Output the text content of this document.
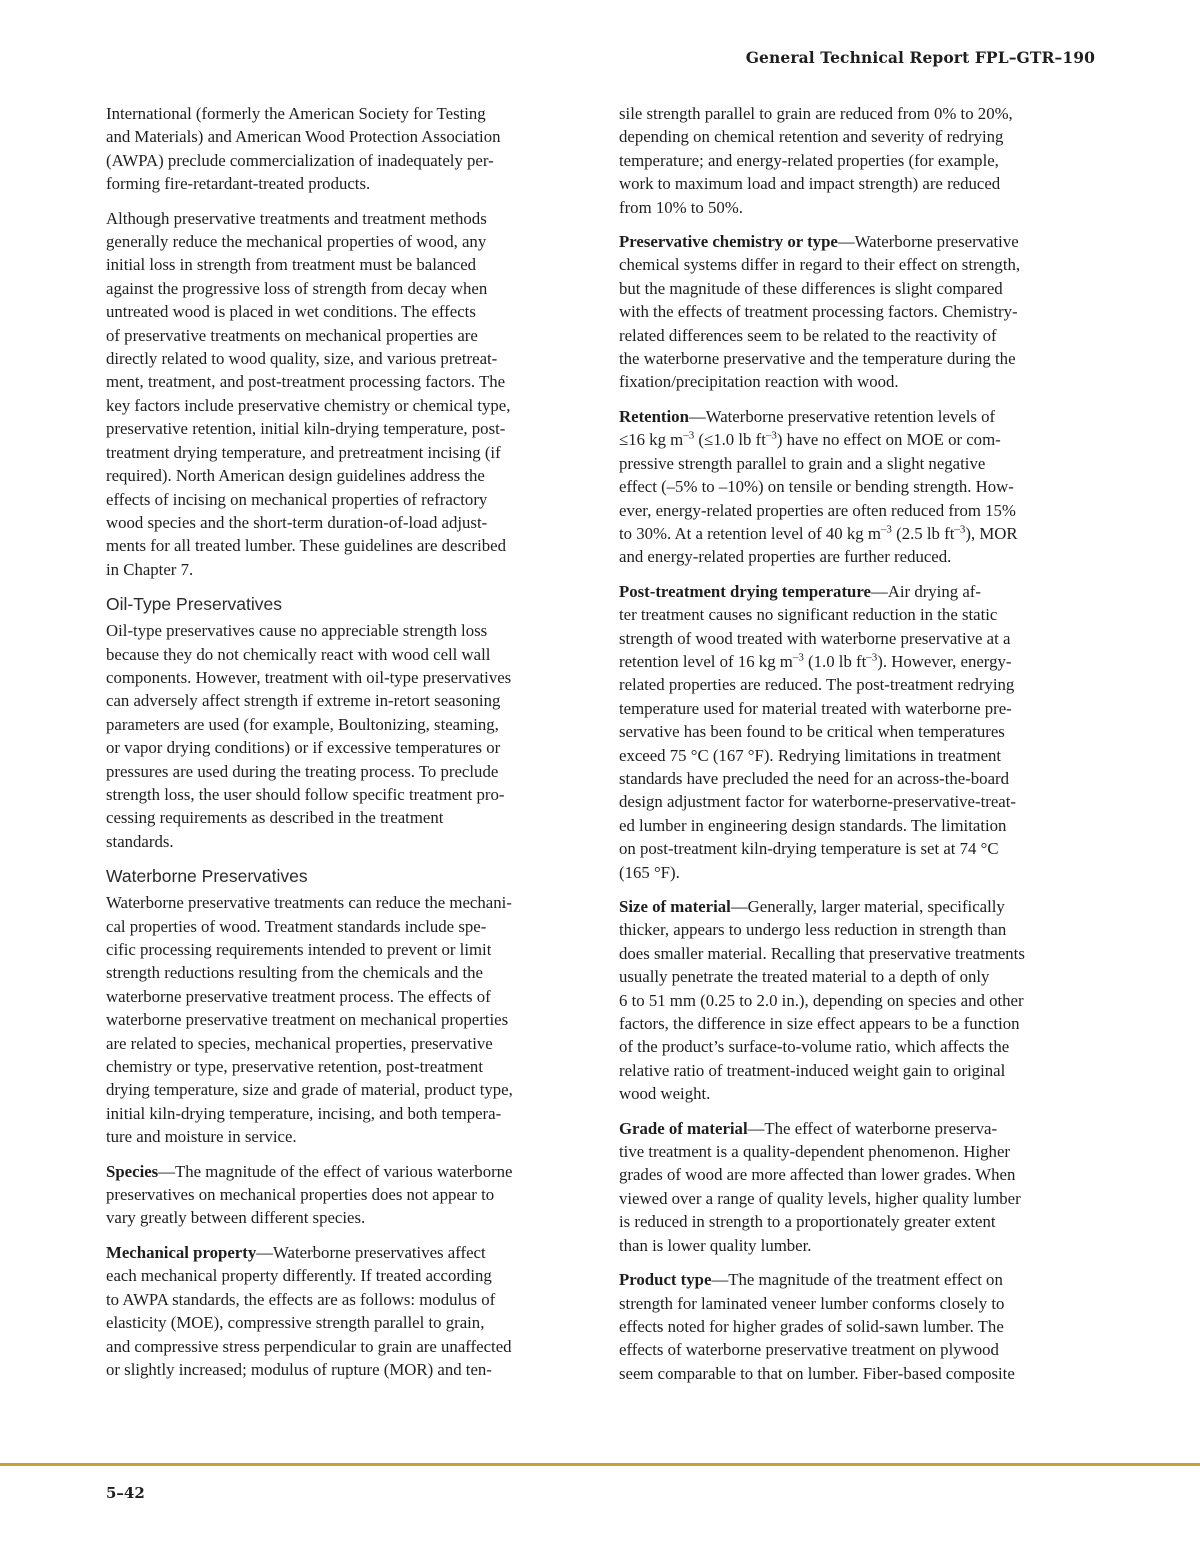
General Technical Report FPL–GTR–190
International (formerly the American Society for Testing
and Materials) and American Wood Protection Association
(AWPA) preclude commercialization of inadequately per-
forming fire-retardant-treated products.
Although preservative treatments and treatment methods
generally reduce the mechanical properties of wood, any
initial loss in strength from treatment must be balanced
against the progressive loss of strength from decay when
untreated wood is placed in wet conditions. The effects
of preservative treatments on mechanical properties are
directly related to wood quality, size, and various pretreat-
ment, treatment, and post-treatment processing factors. The
key factors include preservative chemistry or chemical type,
preservative retention, initial kiln-drying temperature, post-
treatment drying temperature, and pretreatment incising (if
required). North American design guidelines address the
effects of incising on mechanical properties of refractory
wood species and the short-term duration-of-load adjust-
ments for all treated lumber. These guidelines are described
in Chapter 7.
Oil-Type Preservatives
Oil-type preservatives cause no appreciable strength loss
because they do not chemically react with wood cell wall
components. However, treatment with oil-type preservatives
can adversely affect strength if extreme in-retort seasoning
parameters are used (for example, Boultonizing, steaming,
or vapor drying conditions) or if excessive temperatures or
pressures are used during the treating process. To preclude
strength loss, the user should follow specific treatment pro-
cessing requirements as described in the treatment
standards.
Waterborne Preservatives
Waterborne preservative treatments can reduce the mechani-
cal properties of wood. Treatment standards include spe-
cific processing requirements intended to prevent or limit
strength reductions resulting from the chemicals and the
waterborne preservative treatment process. The effects of
waterborne preservative treatment on mechanical properties
are related to species, mechanical properties, preservative
chemistry or type, preservative retention, post-treatment
drying temperature, size and grade of material, product type,
initial kiln-drying temperature, incising, and both tempera-
ture and moisture in service.
Species—The magnitude of the effect of various waterborne
preservatives on mechanical properties does not appear to
vary greatly between different species.
Mechanical property—Waterborne preservatives affect
each mechanical property differently. If treated according
to AWPA standards, the effects are as follows: modulus of
elasticity (MOE), compressive strength parallel to grain,
and compressive stress perpendicular to grain are unaffected
or slightly increased; modulus of rupture (MOR) and ten-
sile strength parallel to grain are reduced from 0% to 20%,
depending on chemical retention and severity of redrying
temperature; and energy-related properties (for example,
work to maximum load and impact strength) are reduced
from 10% to 50%.
Preservative chemistry or type—Waterborne preservative
chemical systems differ in regard to their effect on strength,
but the magnitude of these differences is slight compared
with the effects of treatment processing factors. Chemistry-
related differences seem to be related to the reactivity of
the waterborne preservative and the temperature during the
fixation/precipitation reaction with wood.
Retention—Waterborne preservative retention levels of
≤16 kg $m^{-3}$ (≤1.0 lb $ft^{-3}$) have no effect on MOE or com-
pressive strength parallel to grain and a slight negative
effect (–5% to –10%) on tensile or bending strength. How-
ever, energy-related properties are often reduced from 15%
to 30%. At a retention level of 40 kg $m^{-3}$ (2.5 lb $ft^{-3}$), MOR
and energy-related properties are further reduced.
Post-treatment drying temperature—Air drying af-
ter treatment causes no significant reduction in the static
strength of wood treated with waterborne preservative at a
retention level of 16 kg $m^{-3}$ (1.0 lb $ft^{-3}$). However, energy-
related properties are reduced. The post-treatment redrying
temperature used for material treated with waterborne pre-
servative has been found to be critical when temperatures
exceed 75 °C (167 °F). Redrying limitations in treatment
standards have precluded the need for an across-the-board
design adjustment factor for waterborne-preservative-treat-
ed lumber in engineering design standards. The limitation
on post-treatment kiln-drying temperature is set at 74 °C
(165 °F).
Size of material—Generally, larger material, specifically
thicker, appears to undergo less reduction in strength than
does smaller material. Recalling that preservative treatments
usually penetrate the treated material to a depth of only
6 to 51 mm (0.25 to 2.0 in.), depending on species and other
factors, the difference in size effect appears to be a function
of the product’s surface-to-volume ratio, which affects the
relative ratio of treatment-induced weight gain to original
wood weight.
Grade of material—The effect of waterborne preserva-
tive treatment is a quality-dependent phenomenon. Higher
grades of wood are more affected than lower grades. When
viewed over a range of quality levels, higher quality lumber
is reduced in strength to a proportionately greater extent
than is lower quality lumber.
Product type—The magnitude of the treatment effect on
strength for laminated veneer lumber conforms closely to
effects noted for higher grades of solid-sawn lumber. The
effects of waterborne preservative treatment on plywood
seem comparable to that on lumber. Fiber-based composite
5–42
